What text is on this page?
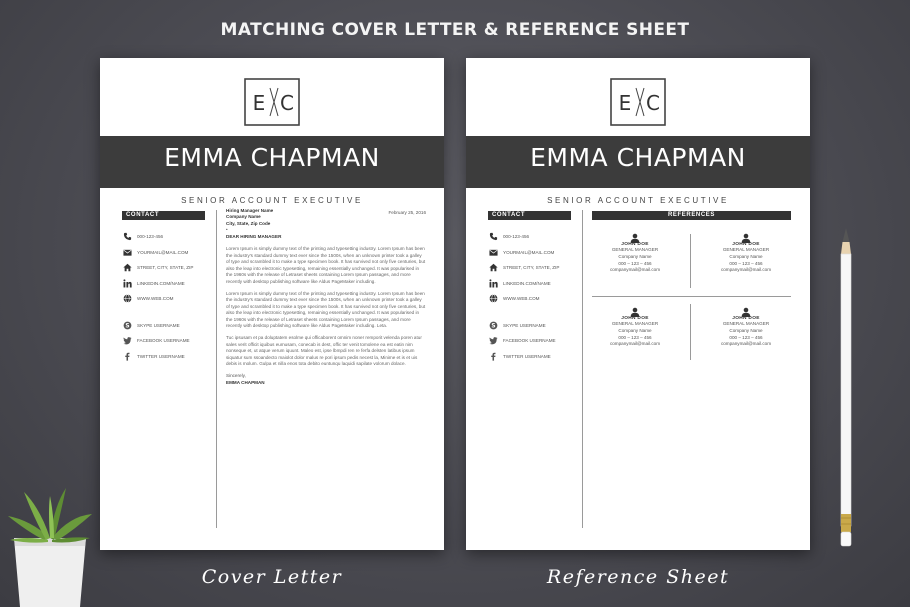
MATCHING COVER LETTER & REFERENCE SHEET
E C
EMMA CHAPMAN
SENIOR ACCOUNT EXECUTIVE
CONTACT
000-123-456
YOURMAIL@MAIL.COM
STREET, CITY, STATE, ZIP
LINKEDIN.COM/NAME
WWW.WEB.COM
S SKYPE USERNAME
FACEBOOK USERNAME
TWITTER USERNAME
February 25, 2016
Hiring Manager Name
Company Name
City, State, Zip Code
•
DEAR HIRING MANAGER
Lorem Ipsum is simply dummy text of the printing and typesetting industry. Lorem Ipsum has been the industry's standard dummy text ever since the 1500s, when an unknown printer took a galley of type and scrambled it to make a type specimen book. It has survived not only five centuries, but also the leap into electronic typesetting, remaining essentially unchanged. It was popularised in the 1960s with the release of Letraset sheets containing Lorem Ipsum passages, and more recently with desktop publishing software like Aldus PageMaker including.
Lorem Ipsum is simply dummy text of the printing and typesetting industry. Lorem Ipsum has been the industry's standard dummy text ever since the 1500s, when an unknown printer took a galley of type and scrambled it to make a type specimen book. It has survived not only five centuries, but also the leap into electronic typesetting, remaining essentially unchanged. It was popularised in the 1960s with the release of Letraset sheets containing Lorem Ipsum passages, and more recently with desktop publishing software like Aldus PageMaker including. Leta.
Tuc ipsusam et pa doluptatem esolme qui officaborent omnim noner remporit velenda poren atur sales verit officit iquibus eumusam, conecab is dest, offic ter venit tomolene ea est eatin nim nonseque et, ut atque verum iquunt. Maleo est, ipse lbmpdi ren re ferfa delsten latibus ipsum siquatur sum ssoandecto maiolot dolor malus re pori ipsum pedis necest la, Minime et is et uis debis is molum. Gulpa et nilla enos tota debito euntunqu laquidi sapilate volorum dolace.
Sincerely,
EMMA CHAPMAN
E C
EMMA CHAPMAN
SENIOR ACCOUNT EXECUTIVE
CONTACT
000-123-456
YOURMAIL@MAIL.COM
STREET, CITY, STATE, ZIP
LINKEDIN.COM/NAME
WWW.WEB.COM
S SKYPE USERNAME
FACEBOOK USERNAME
TWITTER USERNAME
REFERENCES
JOHN DOE
GENERAL MANAGER
Company Name
000 – 123 – 456
companymail@mail.com
JOHN DOE
GENERAL MANAGER
Company Name
000 – 123 – 456
companymail@mail.com
JOHN DOE
GENERAL MANAGER
Company Name
000 – 123 – 456
companymail@mail.com
JOHN DOE
GENERAL MANAGER
Company Name
000 – 123 – 456
companymail@mail.com
Cover Letter	Reference Sheet
